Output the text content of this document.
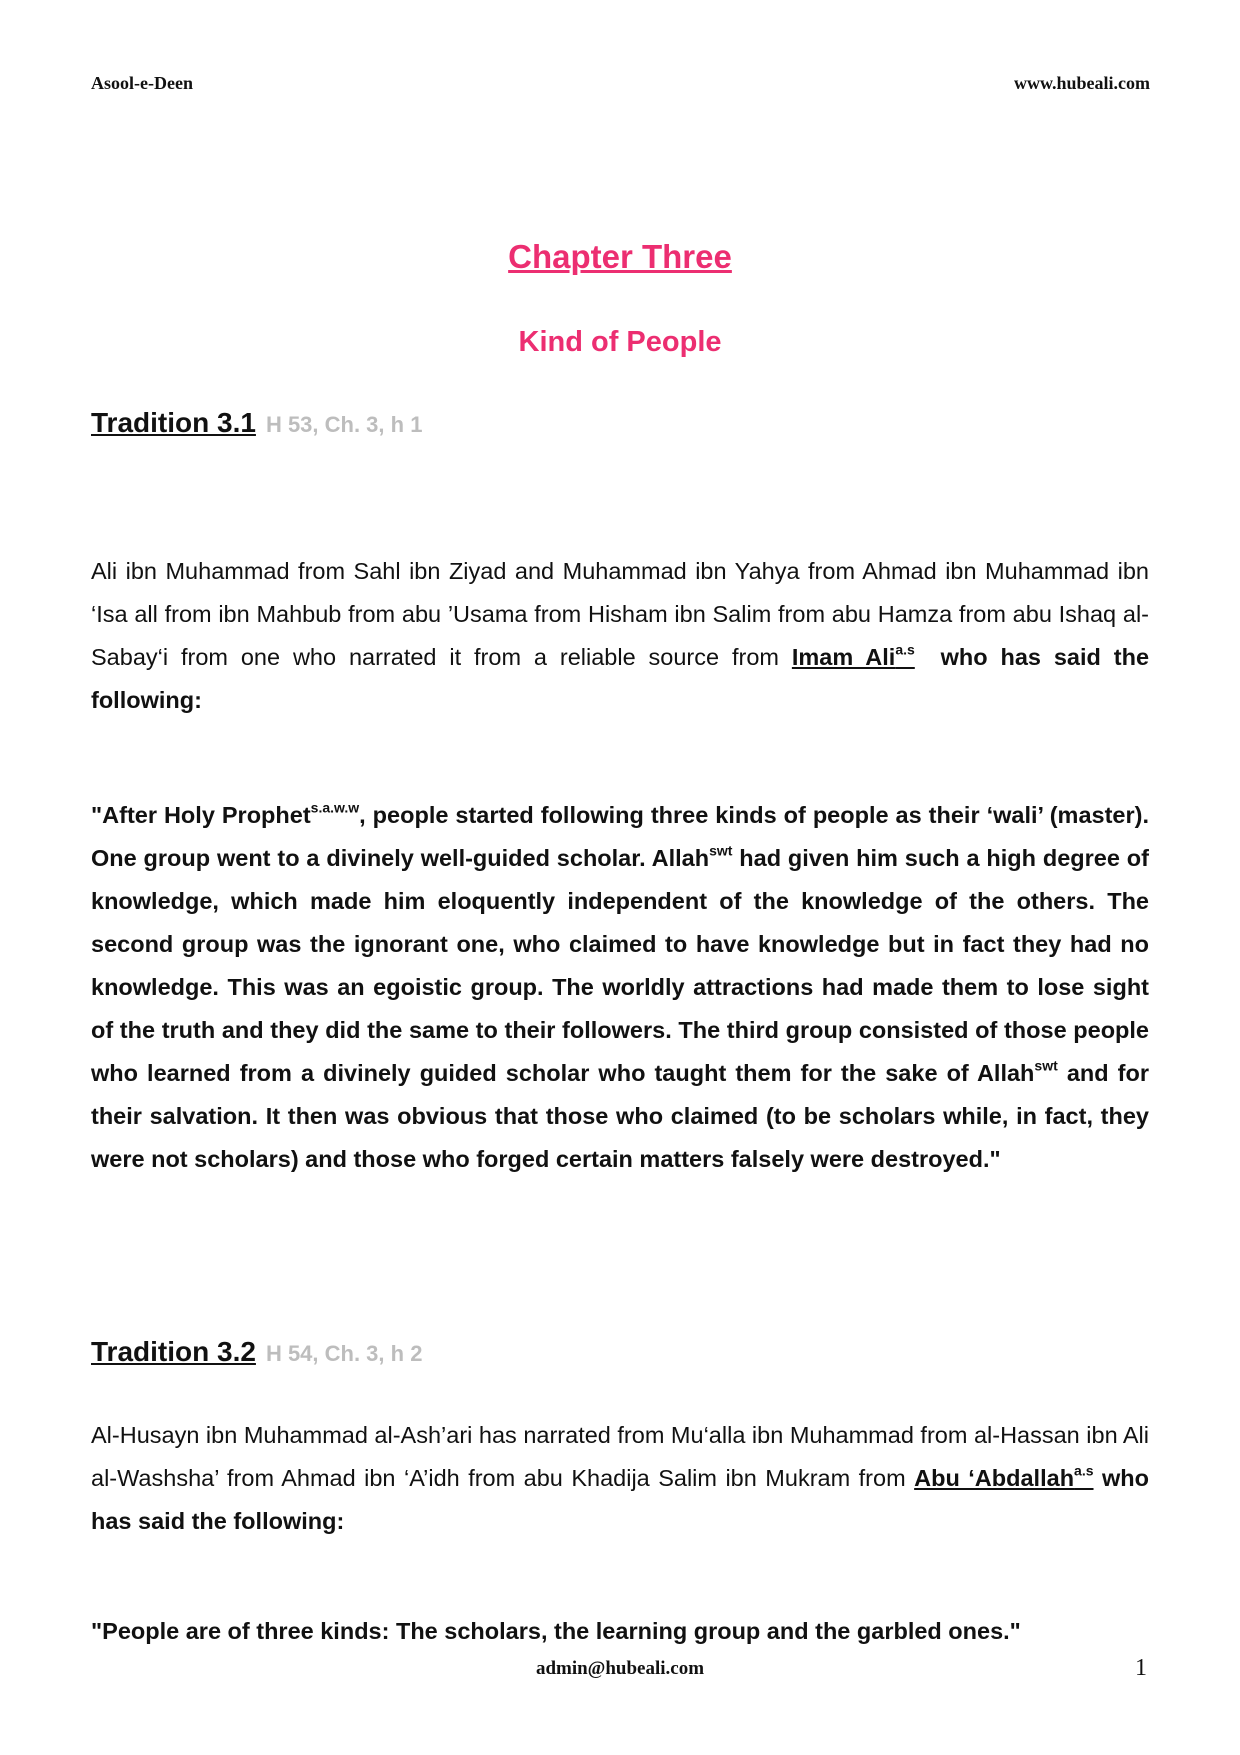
Asool-e-Deen	www.hubeali.com
Chapter Three
Kind of People
Tradition 3.1 H 53, Ch. 3, h 1
Ali ibn Muhammad from Sahl ibn Ziyad and Muhammad ibn Yahya from Ahmad ibn Muhammad ibn ‘Isa all from ibn Mahbub from abu ’Usama from Hisham ibn Salim from abu Hamza from abu Ishaq al-Sabay‘i from one who narrated it from a reliable source from Imam Ali$^{a.s}$ who has said the following:
"After Holy Prophet$^{s.a.w.w}$, people started following three kinds of people as their ‘wali’ (master). One group went to a divinely well-guided scholar. Allah$^{swt}$ had given him such a high degree of knowledge, which made him eloquently independent of the knowledge of the others. The second group was the ignorant one, who claimed to have knowledge but in fact they had no knowledge. This was an egoistic group. The worldly attractions had made them to lose sight of the truth and they did the same to their followers. The third group consisted of those people who learned from a divinely guided scholar who taught them for the sake of Allah$^{swt}$ and for their salvation. It then was obvious that those who claimed (to be scholars while, in fact, they were not scholars) and those who forged certain matters falsely were destroyed."
Tradition 3.2 H 54, Ch. 3, h 2
Al-Husayn ibn Muhammad al-Ash’ari has narrated from Mu‘alla ibn Muhammad from al-Hassan ibn Ali al-Washsha’ from Ahmad ibn ‘A’idh from abu Khadija Salim ibn Mukram from Abu ‘Abdallah$^{a.s}$ who has said the following:
"People are of three kinds: The scholars, the learning group and the garbled ones."
admin@hubeali.com	1
